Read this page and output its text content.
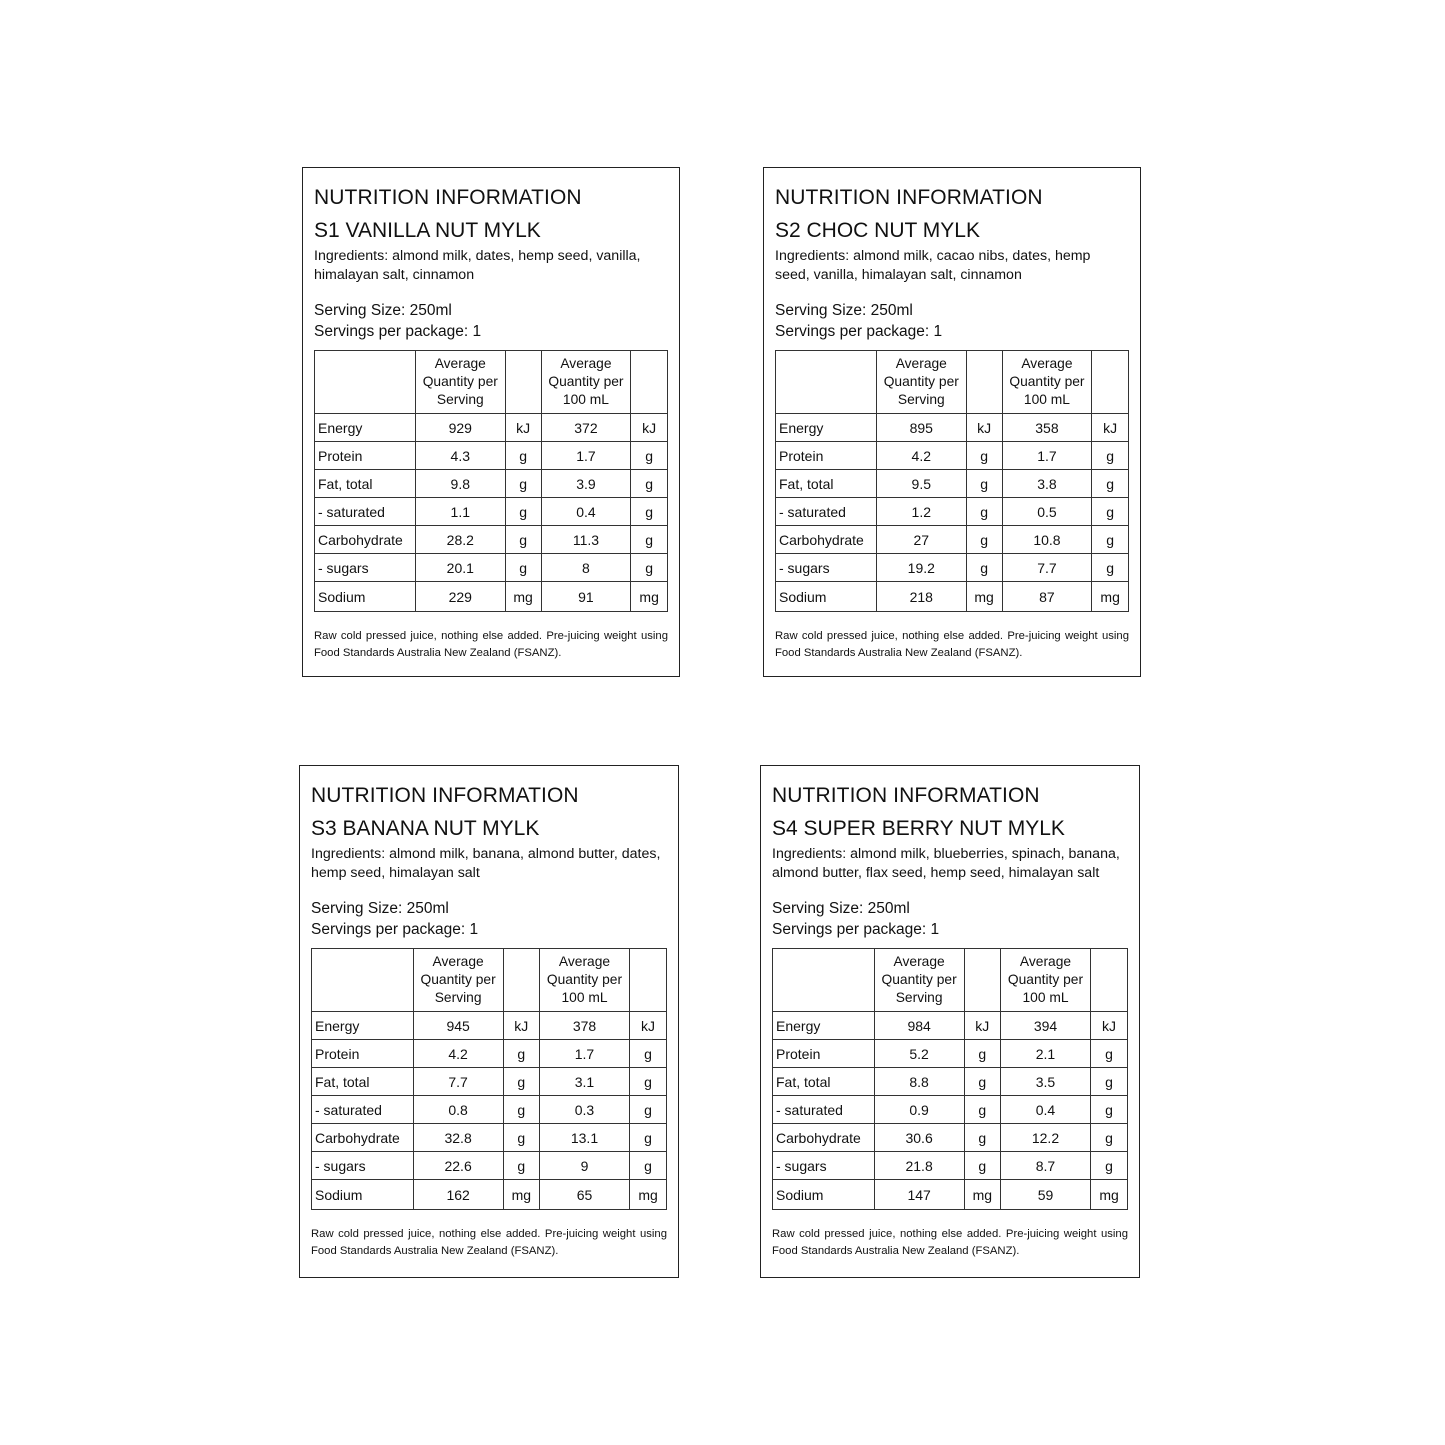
NUTRITION INFORMATION
S1 VANILLA NUT MYLK
Ingredients: almond milk, dates, hemp seed, vanilla, himalayan salt, cinnamon
Serving Size: 250ml
Servings per package: 1
	Average Quantity per Serving		Average Quantity per 100 mL	
Energy	929	kJ	372	kJ
Protein	4.3	g	1.7	g
Fat, total	9.8	g	3.9	g
- saturated	1.1	g	0.4	g
Carbohydrate	28.2	g	11.3	g
- sugars	20.1	g	8	g
Sodium	229	mg	91	mg
Raw cold pressed juice, nothing else added. Pre-juicing weight using Food Standards Australia New Zealand (FSANZ).
NUTRITION INFORMATION
S2 CHOC NUT MYLK
Ingredients: almond milk, cacao nibs, dates, hemp seed, vanilla, himalayan salt, cinnamon
Serving Size: 250ml
Servings per package: 1
	Average Quantity per Serving		Average Quantity per 100 mL	
Energy	895	kJ	358	kJ
Protein	4.2	g	1.7	g
Fat, total	9.5	g	3.8	g
- saturated	1.2	g	0.5	g
Carbohydrate	27	g	10.8	g
- sugars	19.2	g	7.7	g
Sodium	218	mg	87	mg
Raw cold pressed juice, nothing else added. Pre-juicing weight using Food Standards Australia New Zealand (FSANZ).
NUTRITION INFORMATION
S3 BANANA NUT MYLK
Ingredients: almond milk, banana, almond butter, dates, hemp seed, himalayan salt
Serving Size: 250ml
Servings per package: 1
	Average Quantity per Serving		Average Quantity per 100 mL	
Energy	945	kJ	378	kJ
Protein	4.2	g	1.7	g
Fat, total	7.7	g	3.1	g
- saturated	0.8	g	0.3	g
Carbohydrate	32.8	g	13.1	g
- sugars	22.6	g	9	g
Sodium	162	mg	65	mg
Raw cold pressed juice, nothing else added. Pre-juicing weight using Food Standards Australia New Zealand (FSANZ).
NUTRITION INFORMATION
S4 SUPER BERRY NUT MYLK
Ingredients: almond milk, blueberries, spinach, banana, almond butter, flax seed, hemp seed, himalayan salt
Serving Size: 250ml
Servings per package: 1
	Average Quantity per Serving		Average Quantity per 100 mL	
Energy	984	kJ	394	kJ
Protein	5.2	g	2.1	g
Fat, total	8.8	g	3.5	g
- saturated	0.9	g	0.4	g
Carbohydrate	30.6	g	12.2	g
- sugars	21.8	g	8.7	g
Sodium	147	mg	59	mg
Raw cold pressed juice, nothing else added. Pre-juicing weight using Food Standards Australia New Zealand (FSANZ).
